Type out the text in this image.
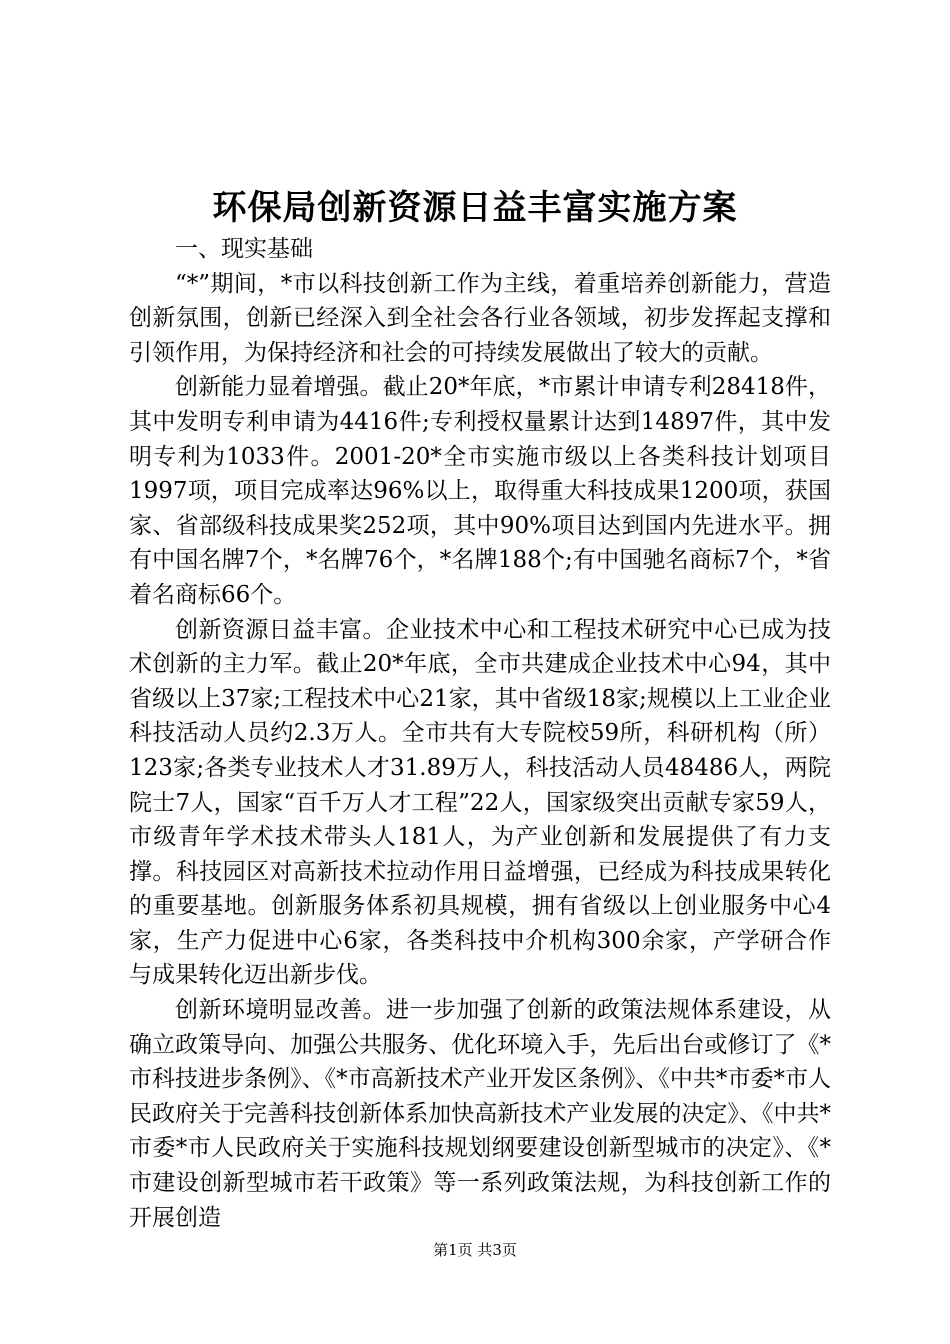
环保局创新资源日益丰富实施方案

一、现实基础

“*”期间，*市以科技创新工作为主线，着重培养创新能力，营造创新氛围，创新已经深入到全社会各行业各领域，初步发挥起支撑和引领作用，为保持经济和社会的可持续发展做出了较大的贡献。

创新能力显着增强。截止20*年底，*市累计申请专利28418件，其中发明专利申请为4416件;专利授权量累计达到14897件，其中发明专利为1033件。2001-20*全市实施市级以上各类科技计划项目1997项，项目完成率达96%以上，取得重大科技成果1200项，获国家、省部级科技成果奖252项，其中90%项目达到国内先进水平。拥有中国名牌7个，*名牌76个，*名牌188个;有中国驰名商标7个，*省着名商标66个。

创新资源日益丰富。企业技术中心和工程技术研究中心已成为技术创新的主力军。截止20*年底，全市共建成企业技术中心94，其中省级以上37家;工程技术中心21家，其中省级18家;规模以上工业企业科技活动人员约2.3万人。全市共有大专院校59所，科研机构（所）123家;各类专业技术人才31.89万人，科技活动人员48486人，两院院士7人，国家“百千万人才工程”22人，国家级突出贡献专家59人，市级青年学术技术带头人181人，为产业创新和发展提供了有力支撑。科技园区对高新技术拉动作用日益增强，已经成为科技成果转化的重要基地。创新服务体系初具规模，拥有省级以上创业服务中心4家，生产力促进中心6家，各类科技中介机构300余家，产学研合作与成果转化迈出新步伐。

创新环境明显改善。进一步加强了创新的政策法规体系建设，从确立政策导向、加强公共服务、优化环境入手，先后出台或修订了《*市科技进步条例》、《*市高新技术产业开发区条例》、《中共*市委*市人民政府关于完善科技创新体系加快高新技术产业发展的决定》、《中共*市委*市人民政府关于实施科技规划纲要建设创新型城市的决定》、《*市建设创新型城市若干政策》等一系列政策法规，为科技创新工作的开展创造

第1页 共3页
